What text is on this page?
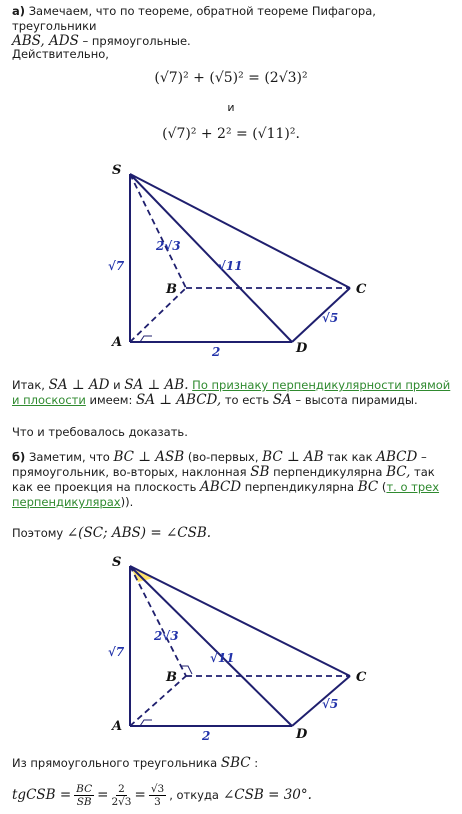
а) Замечаем, что по теореме, обратной теореме Пифагора, треугольники
ABS, ADS – прямоугольные.
Действительно,
(√7)² + (√5)² = (2√3)²
и
(√7)² + 2² = (√11)².
S
B	C
A	D
√7
2√3
√11
√5
2
Итак, SA ⊥ AD и SA ⊥ AB. По признаку перпендикулярности прямой и плоскости имеем: SA ⊥ ABCD, то есть SA – высота пирамиды.
Что и требовалось доказать.
б) Заметим, что BC ⊥ ASB (во-первых, BC ⊥ AB так как ABCD – прямоугольник, во-вторых, наклонная SB перпендикулярна BC, так как ее проекция на плоскость ABCD перпендикулярна BC (т. о трех перпендикулярах)).
Поэтому ∠(SC; ABS) = ∠CSB.
S
B	C
A
D
√7
2√3
√11
√5
2
Из прямоугольного треугольника SBC :
tgCSB = $\frac{BC}{SB} = \frac{2}{2√3} = \frac{√3}{3}$ , откуда ∠CSB = 30°.
